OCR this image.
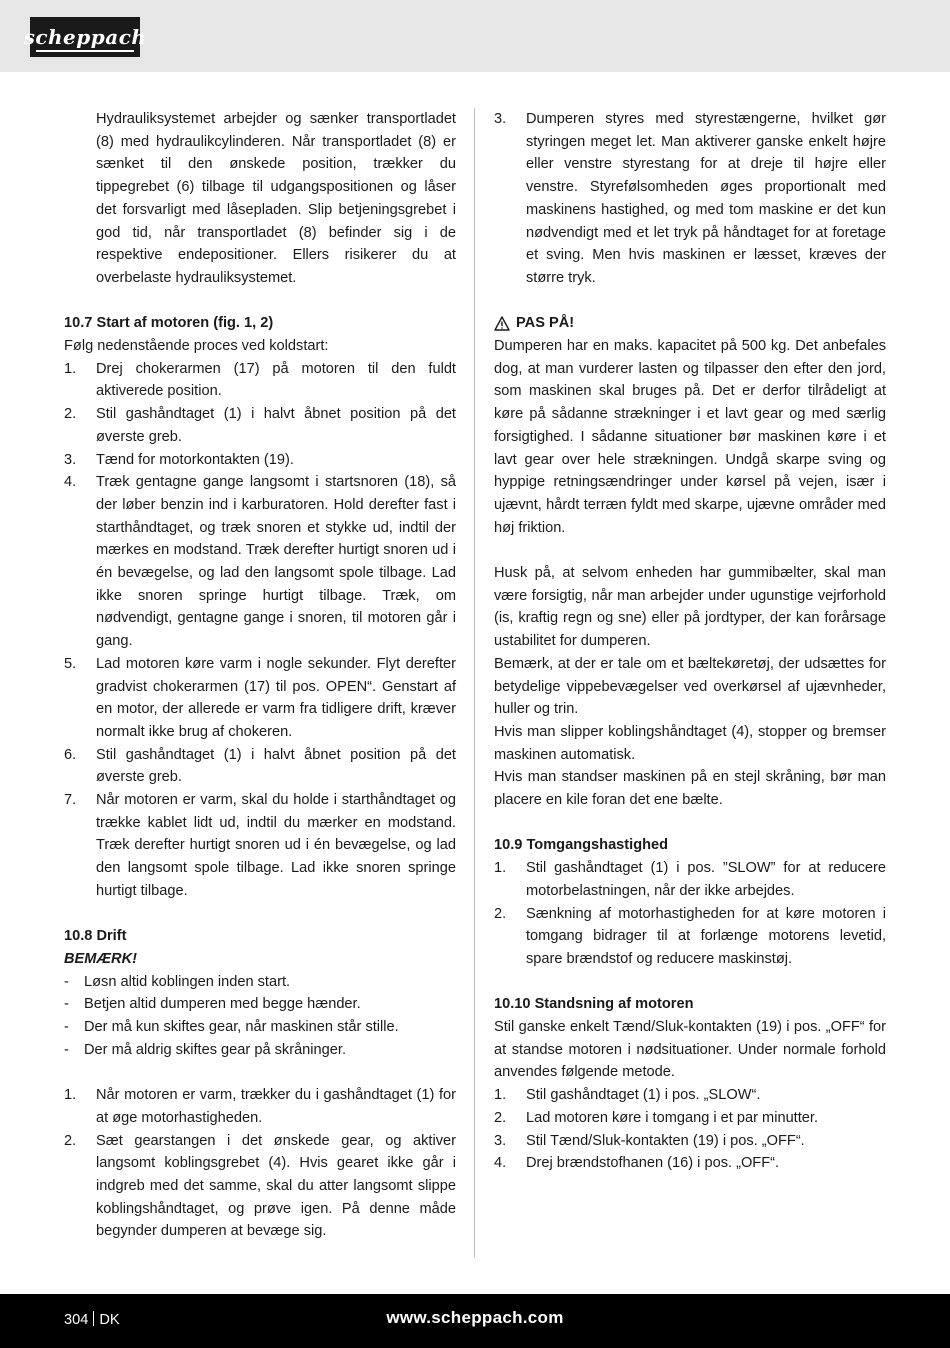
scheppach

Hydrauliksystemet arbejder og sænker transportladet (8) med hydraulikcylinderen. Når transportladet (8) er sænket til den ønskede position, trækker du tippegrebet (6) tilbage til udgangspositionen og låser det forsvarligt med låsepladen. Slip betjeningsgrebet i god tid, når transportladet (8) befinder sig i de respektive endepositioner. Ellers risikerer du at overbelaste hydrauliksystemet.

10.7 Start af motoren (fig. 1, 2)

Følg nedenstående proces ved koldstart:

1. Drej chokerarmen (17) på motoren til den fuldt aktiverede position.
2. Stil gashåndtaget (1) i halvt åbnet position på det øverste greb.
3. Tænd for motorkontakten (19).
4. Træk gentagne gange langsomt i startsnoren (18), så der løber benzin ind i karburatoren. Hold derefter fast i starthåndtaget, og træk snoren et stykke ud, indtil der mærkes en modstand. Træk derefter hurtigt snoren ud i én bevægelse, og lad den langsomt spole tilbage. Lad ikke snoren springe hurtigt tilbage. Træk, om nødvendigt, gentagne gange i snoren, til motoren går i gang.
5. Lad motoren køre varm i nogle sekunder. Flyt derefter gradvist chokerarmen (17) til pos. OPEN“. Genstart af en motor, der allerede er varm fra tidligere drift, kræver normalt ikke brug af chokeren.
6. Stil gashåndtaget (1) i halvt åbnet position på det øverste greb.
7. Når motoren er varm, skal du holde i starthåndtaget og trække kablet lidt ud, indtil du mærker en modstand. Træk derefter hurtigt snoren ud i én bevægelse, og lad den langsomt spole tilbage. Lad ikke snoren springe hurtigt tilbage.

10.8 Drift

BEMÆRK!

- Løsn altid koblingen inden start.
- Betjen altid dumperen med begge hænder.
- Der må kun skiftes gear, når maskinen står stille.
- Der må aldrig skiftes gear på skråninger.
1. Når motoren er varm, trækker du i gashåndtaget (1) for at øge motorhastigheden.
2. Sæt gearstangen i det ønskede gear, og aktiver langsomt koblingsgrebet (4). Hvis gearet ikke går i indgreb med det samme, skal du atter langsomt slippe koblingshåndtaget, og prøve igen. På denne måde begynder dumperen at bevæge sig.
3. Dumperen styres med styrestængerne, hvilket gør styringen meget let. Man aktiverer ganske enkelt højre eller venstre styrestang for at dreje til højre eller venstre. Styrefølsomheden øges proportionalt med maskinens hastighed, og med tom maskine er det kun nødvendigt med et let tryk på håndtaget for at foretage et sving. Men hvis maskinen er læsset, kræves der større tryk.

PAS PÅ!

Dumperen har en maks. kapacitet på 500 kg. Det anbefales dog, at man vurderer lasten og tilpasser den efter den jord, som maskinen skal bruges på. Det er derfor tilrådeligt at køre på sådanne strækninger i et lavt gear og med særlig forsigtighed. I sådanne situationer bør maskinen køre i et lavt gear over hele strækningen. Undgå skarpe sving og hyppige retningsændringer under kørsel på vejen, især i ujævnt, hårdt terræn fyldt med skarpe, ujævne områder med høj friktion.

Husk på, at selvom enheden har gummibælter, skal man være forsigtig, når man arbejder under ugunstige vejrforhold (is, kraftig regn og sne) eller på jordtyper, der kan forårsage ustabilitet for dumperen.

Bemærk, at der er tale om et bæltekøretøj, der udsættes for betydelige vippebevægelser ved overkørsel af ujævnheder, huller og trin.

Hvis man slipper koblingshåndtaget (4), stopper og bremser maskinen automatisk.

Hvis man standser maskinen på en stejl skråning, bør man placere en kile foran det ene bælte.

10.9 Tomgangshastighed

1. Stil gashåndtaget (1) i pos. ”SLOW” for at reducere motorbelastningen, når der ikke arbejdes.
2. Sænkning af motorhastigheden for at køre motoren i tomgang bidrager til at forlænge motorens levetid, spare brændstof og reducere maskinstøj.

10.10 Standsning af motoren

Stil ganske enkelt Tænd/Sluk-kontakten (19) i pos. „OFF“ for at standse motoren i nødsituationer. Under normale forhold anvendes følgende metode.

1. Stil gashåndtaget (1) i pos. „SLOW“.
2. Lad motoren køre i tomgang i et par minutter.
3. Stil Tænd/Sluk-kontakten (19) i pos. „OFF“.
4. Drej brændstofhanen (16) i pos. „OFF“.
304 DK	www.scheppach.com
